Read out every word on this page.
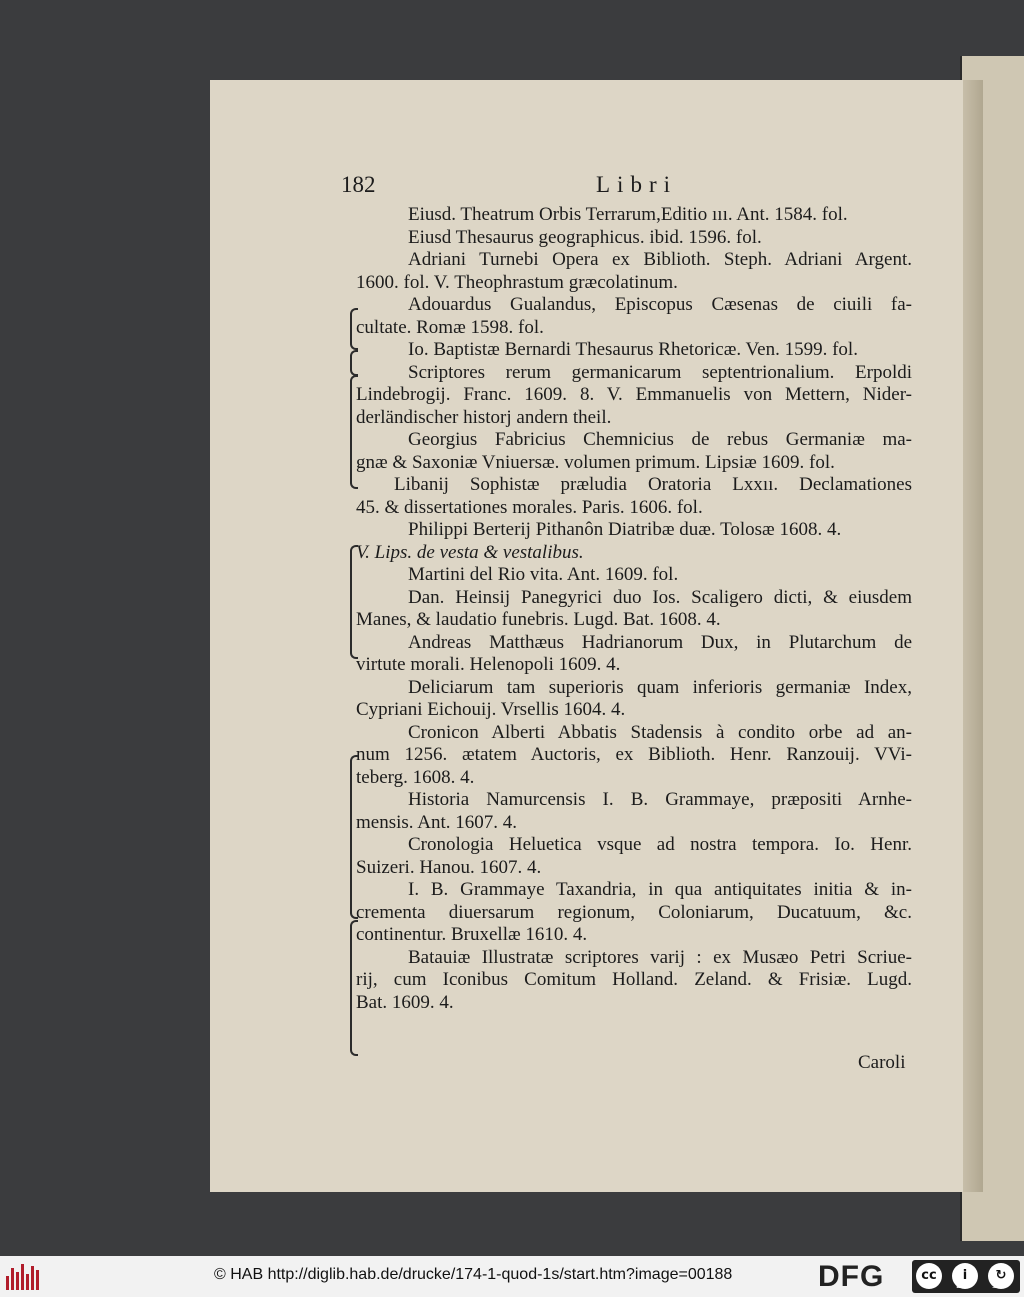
182	Libri
Eiusd. Theatrum Orbis Terrarum,Editio ııı. Ant. 1584. fol.
Eiusd Thesaurus geographicus. ibid. 1596. fol.
Adriani Turnebi Opera ex Biblioth. Steph. Adriani Argent.
1600. fol. V. Theophrastum græcolatinum.
Adouardus Gualandus, Episcopus Cæsenas de ciuili fa-
cultate. Romæ 1598. fol.
Io. Baptistæ Bernardi Thesaurus Rhetoricæ. Ven. 1599. fol.
Scriptores rerum germanicarum septentrionalium. Erpoldi
Lindebrogij. Franc. 1609. 8. V. Emmanuelis von Mettern, Nider-
derländischer historj andern theil.
Georgius Fabricius Chemnicius de rebus Germaniæ ma-
gnæ & Saxoniæ Vniuersæ. volumen primum. Lipsiæ 1609. fol.
Libanij Sophistæ præludia Oratoria Lxxıı. Declamationes
45. & dissertationes morales. Paris. 1606. fol.
Philippi Berterij Pithanôn Diatribæ duæ. Tolosæ 1608. 4.
V. Lips. de vesta & vestalibus.
Martini del Rio vita. Ant. 1609. fol.
Dan. Heinsij Panegyrici duo Ios. Scaligero dicti, & eiusdem
Manes, & laudatio funebris. Lugd. Bat. 1608. 4.
Andreas Matthæus Hadrianorum Dux, in Plutarchum de
virtute morali. Helenopoli 1609. 4.
Deliciarum tam superioris quam inferioris germaniæ Index,
Cypriani Eichouij. Vrsellis 1604. 4.
Cronicon Alberti Abbatis Stadensis à condito orbe ad an-
num 1256. ætatem Auctoris, ex Biblioth. Henr. Ranzouij. VVi-
teberg. 1608. 4.
Historia Namurcensis I. B. Grammaye, præpositi Arnhe-
mensis. Ant. 1607. 4.
Cronologia Heluetica vsque ad nostra tempora. Io. Henr.
Suizeri. Hanou. 1607. 4.
I. B. Grammaye Taxandria, in qua antiquitates initia & in-
crementa diuersarum regionum, Coloniarum, Ducatuum, &c.
continentur. Bruxellæ 1610. 4.
Batauiæ Illustratæ scriptores varij : ex Musæo Petri Scriue-
rij, cum Iconibus Comitum Holland. Zeland. & Frisiæ. Lugd.
Bat. 1609. 4.
Caroli
© HAB http://diglib.hab.de/drucke/174-1-quod-1s/start.htm?image=00188	DFG	cc	i	↻
BY	SA
